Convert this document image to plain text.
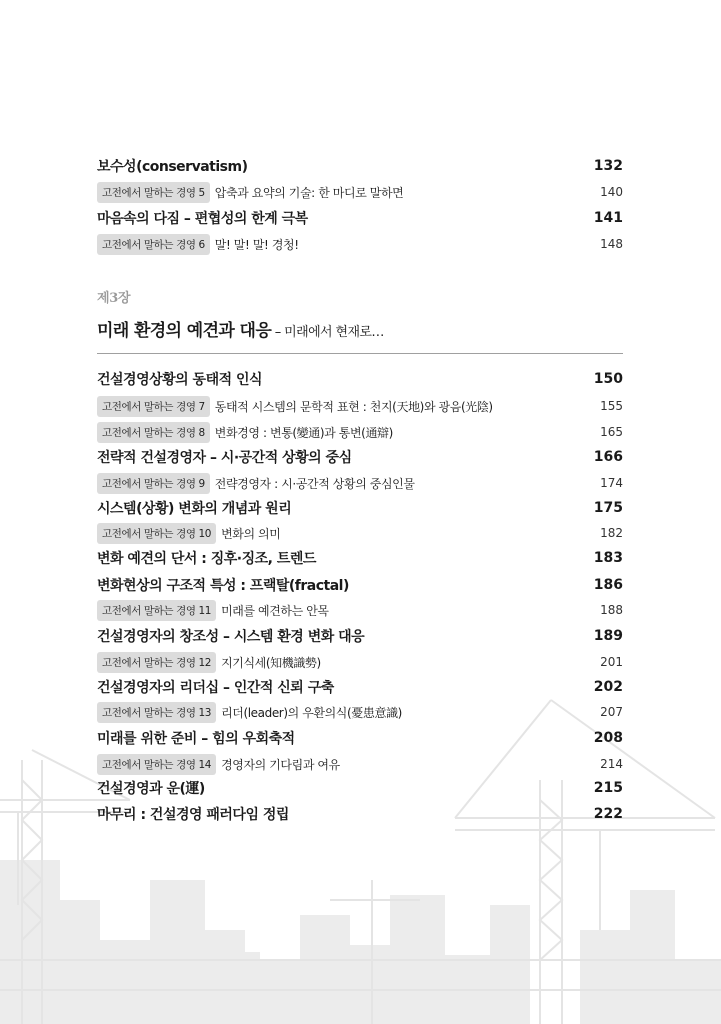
보수성(conservatism)	132
고전에서 말하는 경영 5 압축과 요약의 기술: 한 마디로 말하면	140
마음속의 다짐 – 편협성의 한계 극복	141
고전에서 말하는 경영 6 말! 말! 말! 경청!	148
제3장
미래 환경의 예견과 대응 – 미래에서 현재로…
건설경영상황의 동태적 인식	150
고전에서 말하는 경영 7 동태적 시스템의 문학적 표현 : 천지(天地)와 광음(光陰)	155
고전에서 말하는 경영 8 변화경영 : 변통(變通)과 통변(通辯)	165
전략적 건설경영자 – 시·공간적 상황의 중심	166
고전에서 말하는 경영 9 전략경영자 : 시·공간적 상황의 중심인물	174
시스템(상황) 변화의 개념과 원리	175
고전에서 말하는 경영 10 변화의 의미	182
변화 예견의 단서 : 징후·징조, 트렌드	183
변화현상의 구조적 특성 : 프랙탈(fractal)	186
고전에서 말하는 경영 11 미래를 예견하는 안목	188
건설경영자의 창조성 – 시스템 환경 변화 대응	189
고전에서 말하는 경영 12 지기식세(知機識勢)	201
건설경영자의 리더십 – 인간적 신뢰 구축	202
고전에서 말하는 경영 13 리더(leader)의 우환의식(憂患意識)	207
미래를 위한 준비 – 힘의 우회축적	208
고전에서 말하는 경영 14 경영자의 기다림과 여유	214
건설경영과 운(運)	215
마무리 : 건설경영 패러다임 정립	222
